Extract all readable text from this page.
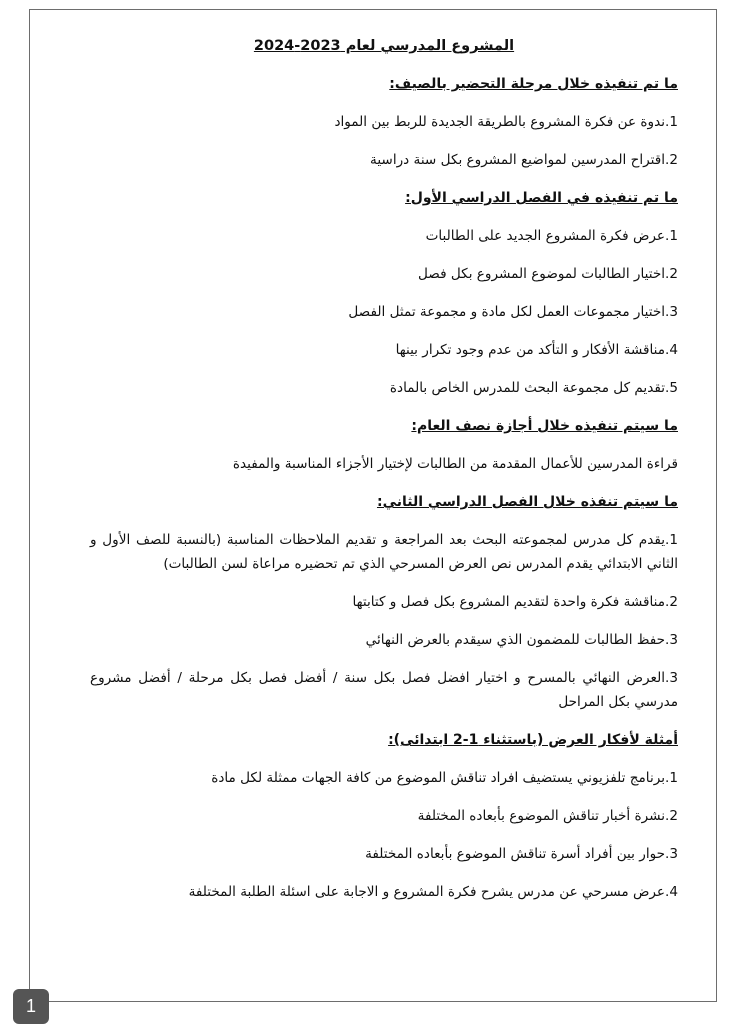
المشروع المدرسي لعام 2023-2024
ما تم تنفيذه خلال مرحلة التحضير بالصيف:
1.ندوة عن فكرة المشروع بالطريقة الجديدة للربط بين المواد
2.اقتراح المدرسين لمواضيع المشروع بكل سنة دراسية
ما تم تنفيذه في الفصل الدراسي الأول:
1.عرض فكرة المشروع الجديد على الطالبات
2.اختيار الطالبات لموضوع المشروع بكل فصل
3.اختيار مجموعات العمل لكل مادة و مجموعة تمثل الفصل
4.مناقشة الأفكار و التأكد من عدم وجود تكرار بينها
5.تقديم كل مجموعة البحث للمدرس الخاص بالمادة
ما سيتم تنفيذه خلال أجازة نصف العام:
قراءة المدرسين للأعمال المقدمة من الطالبات لإختيار الأجزاء المناسبة والمفيدة
ما سيتم تنفذه خلال الفصل الدراسي الثاني:
1.يقدم كل مدرس لمجموعته البحث بعد المراجعة و تقديم الملاحظات المناسبة (بالنسبة للصف الأول و الثاني الابتدائي يقدم المدرس نص العرض المسرحي الذي تم تحضيره مراعاة لسن الطالبات)
2.مناقشة فكرة واحدة لتقديم المشروع بكل فصل و كتابتها
3.حفظ الطالبات للمضمون الذي سيقدم بالعرض النهائي
3.العرض النهائي بالمسرح و اختيار افضل فصل بكل سنة / أفضل فصل بكل مرحلة / أفضل مشروع مدرسي بكل المراحل
أمثلة لأفكار العرض (باستثناء 1-2 ابتدائى):
1.برنامج تلفزيوني يستضيف افراد تناقش الموضوع من كافة الجهات ممثلة لكل مادة
2.نشرة أخبار تناقش الموضوع بأبعاده المختلفة
3.حوار بين أفراد أسرة تناقش الموضوع بأبعاده المختلفة
4.عرض مسرحي عن مدرس يشرح فكرة المشروع و الاجابة على اسئلة الطلبة المختلفة
1
